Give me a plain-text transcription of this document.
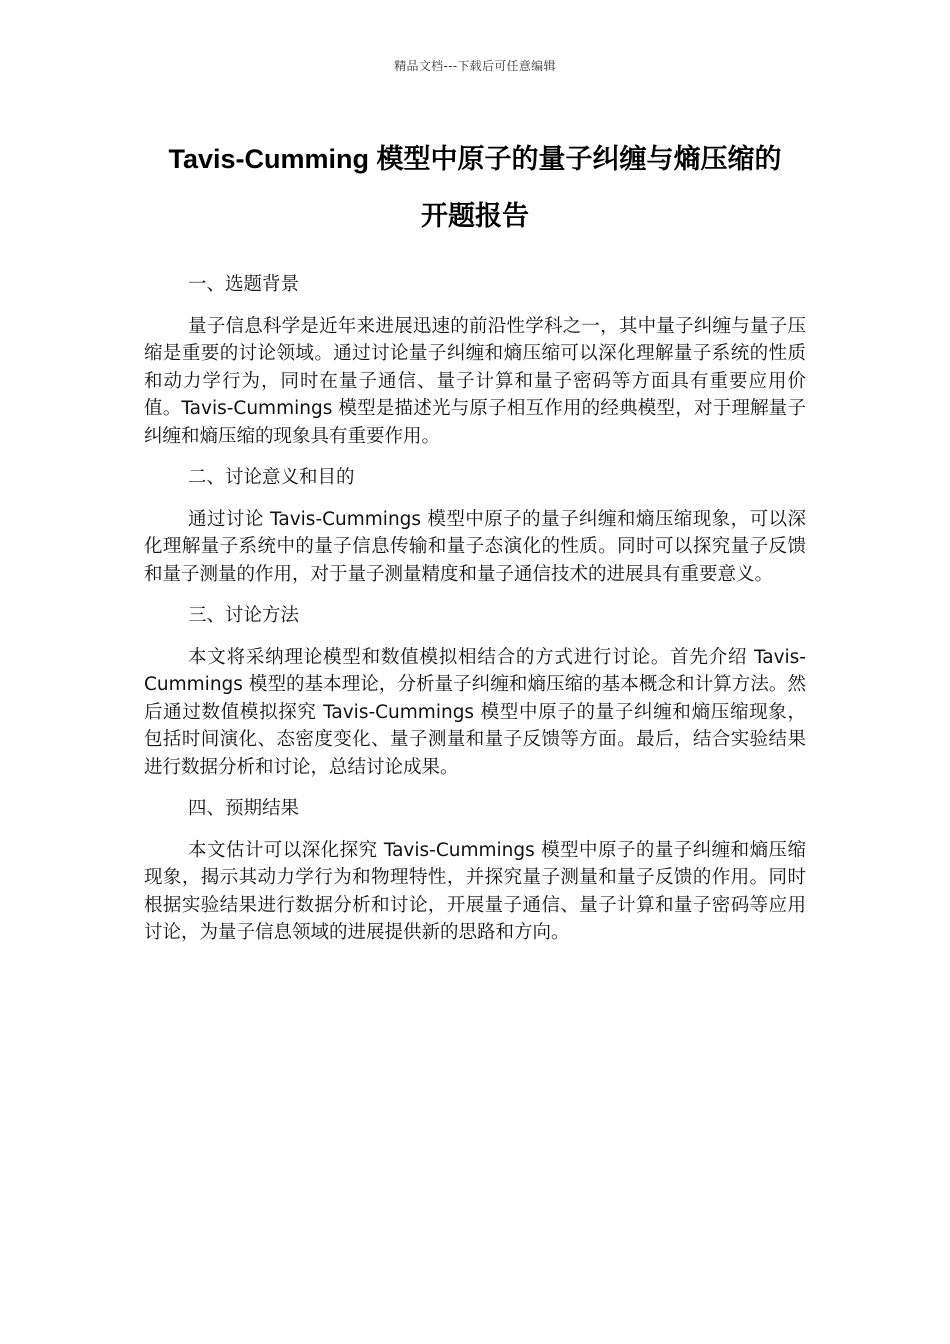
精品文档---下载后可任意编辑
Tavis-Cumming 模型中原子的量子纠缠与熵压缩的
开题报告
一、选题背景

量子信息科学是近年来进展迅速的前沿性学科之一，其中量子纠缠与量子压缩是重要的讨论领域。通过讨论量子纠缠和熵压缩可以深化理解量子系统的性质和动力学行为，同时在量子通信、量子计算和量子密码等方面具有重要应用价值。Tavis-Cummings 模型是描述光与原子相互作用的经典模型，对于理解量子纠缠和熵压缩的现象具有重要作用。

二、讨论意义和目的

通过讨论 Tavis-Cummings 模型中原子的量子纠缠和熵压缩现象，可以深化理解量子系统中的量子信息传输和量子态演化的性质。同时可以探究量子反馈和量子测量的作用，对于量子测量精度和量子通信技术的进展具有重要意义。

三、讨论方法

本文将采纳理论模型和数值模拟相结合的方式进行讨论。首先介绍 Tavis-Cummings 模型的基本理论，分析量子纠缠和熵压缩的基本概念和计算方法。然后通过数值模拟探究 Tavis-Cummings 模型中原子的量子纠缠和熵压缩现象，包括时间演化、态密度变化、量子测量和量子反馈等方面。最后，结合实验结果进行数据分析和讨论，总结讨论成果。

四、预期结果

本文估计可以深化探究 Tavis-Cummings 模型中原子的量子纠缠和熵压缩现象，揭示其动力学行为和物理特性，并探究量子测量和量子反馈的作用。同时根据实验结果进行数据分析和讨论，开展量子通信、量子计算和量子密码等应用讨论，为量子信息领域的进展提供新的思路和方向。
